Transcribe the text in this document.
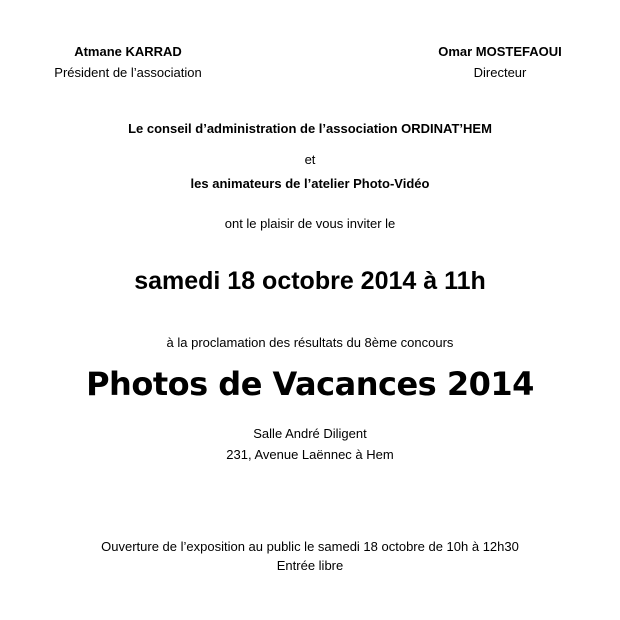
Atmane KARRAD
Président de l’association
Omar MOSTEFAOUI
Directeur
Le conseil d’administration de l’association ORDINAT’HEM
et
les animateurs de l’atelier Photo-Vidéo
ont le plaisir de vous inviter le
samedi 18 octobre 2014 à 11h
à la proclamation des résultats du 8ème concours
Photos de Vacances 2014
Salle André Diligent
231, Avenue Laënnec à Hem
Ouverture de l’exposition au public le samedi 18 octobre de 10h à 12h30
Entrée libre
